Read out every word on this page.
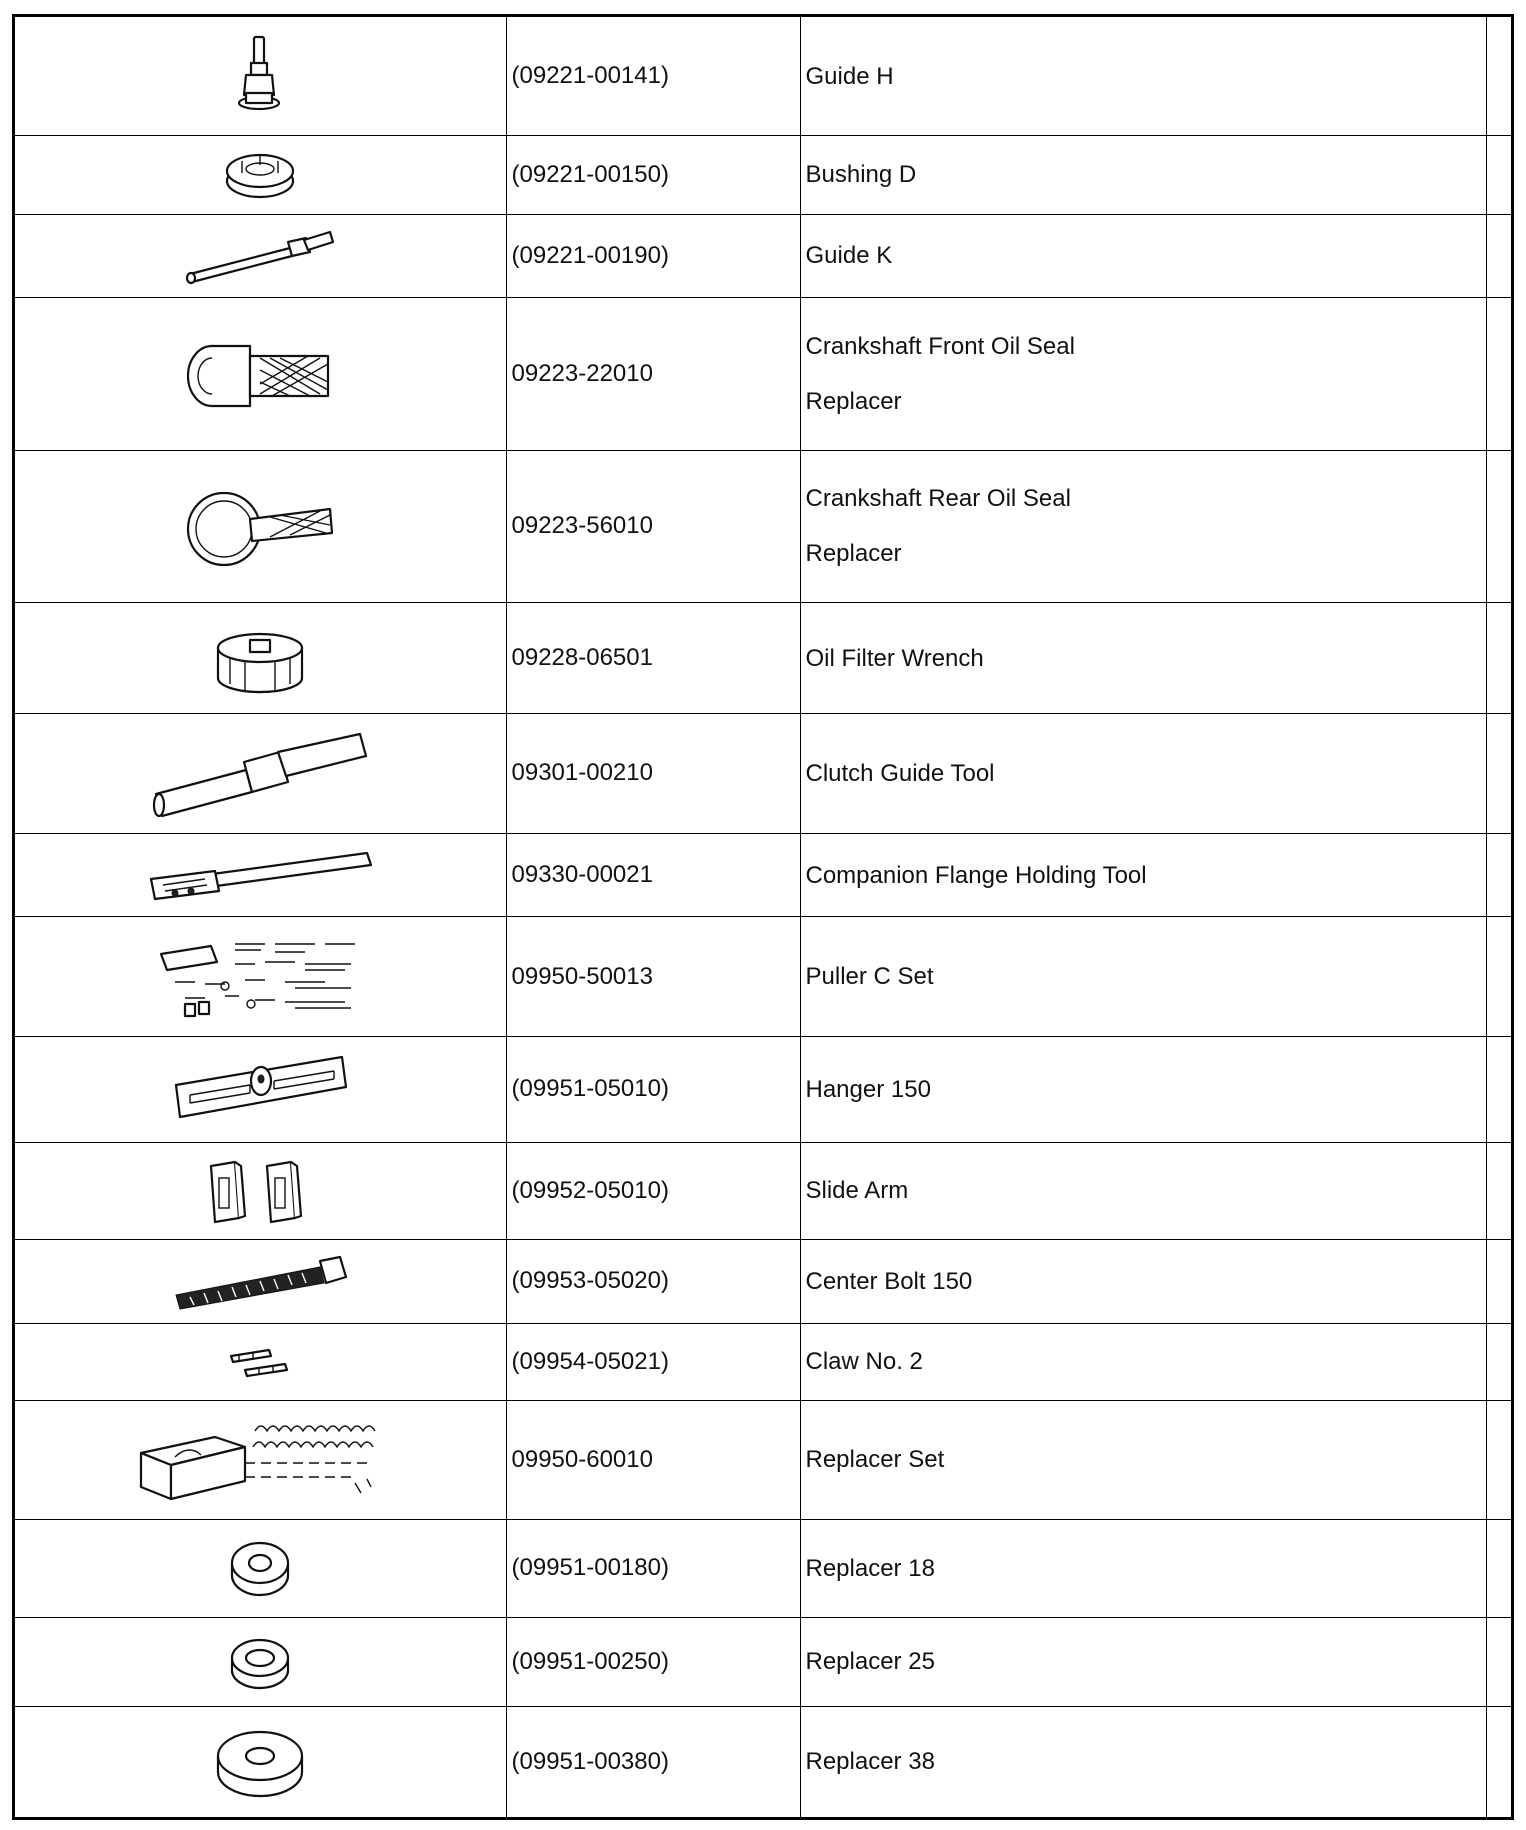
	(09221-00141)	Guide H	

	(09221-00150)	Bushing D	

	(09221-00190)	Guide K	

	09223-22010	Crankshaft Front Oil Seal
Replacer	

	09223-56010	Crankshaft Rear Oil Seal
Replacer	

	09228-06501	Oil Filter Wrench	

	09301-00210	Clutch Guide Tool	

	09330-00021	Companion Flange Holding Tool	

	09950-50013	Puller C Set	

	(09951-05010)	Hanger 150	

	(09952-05010)	Slide Arm	

	(09953-05020)	Center Bolt 150	

	(09954-05021)	Claw No. 2	

	09950-60010	Replacer Set	

	(09951-00180)	Replacer 18	

	(09951-00250)	Replacer 25	

	(09951-00380)	Replacer 38	
